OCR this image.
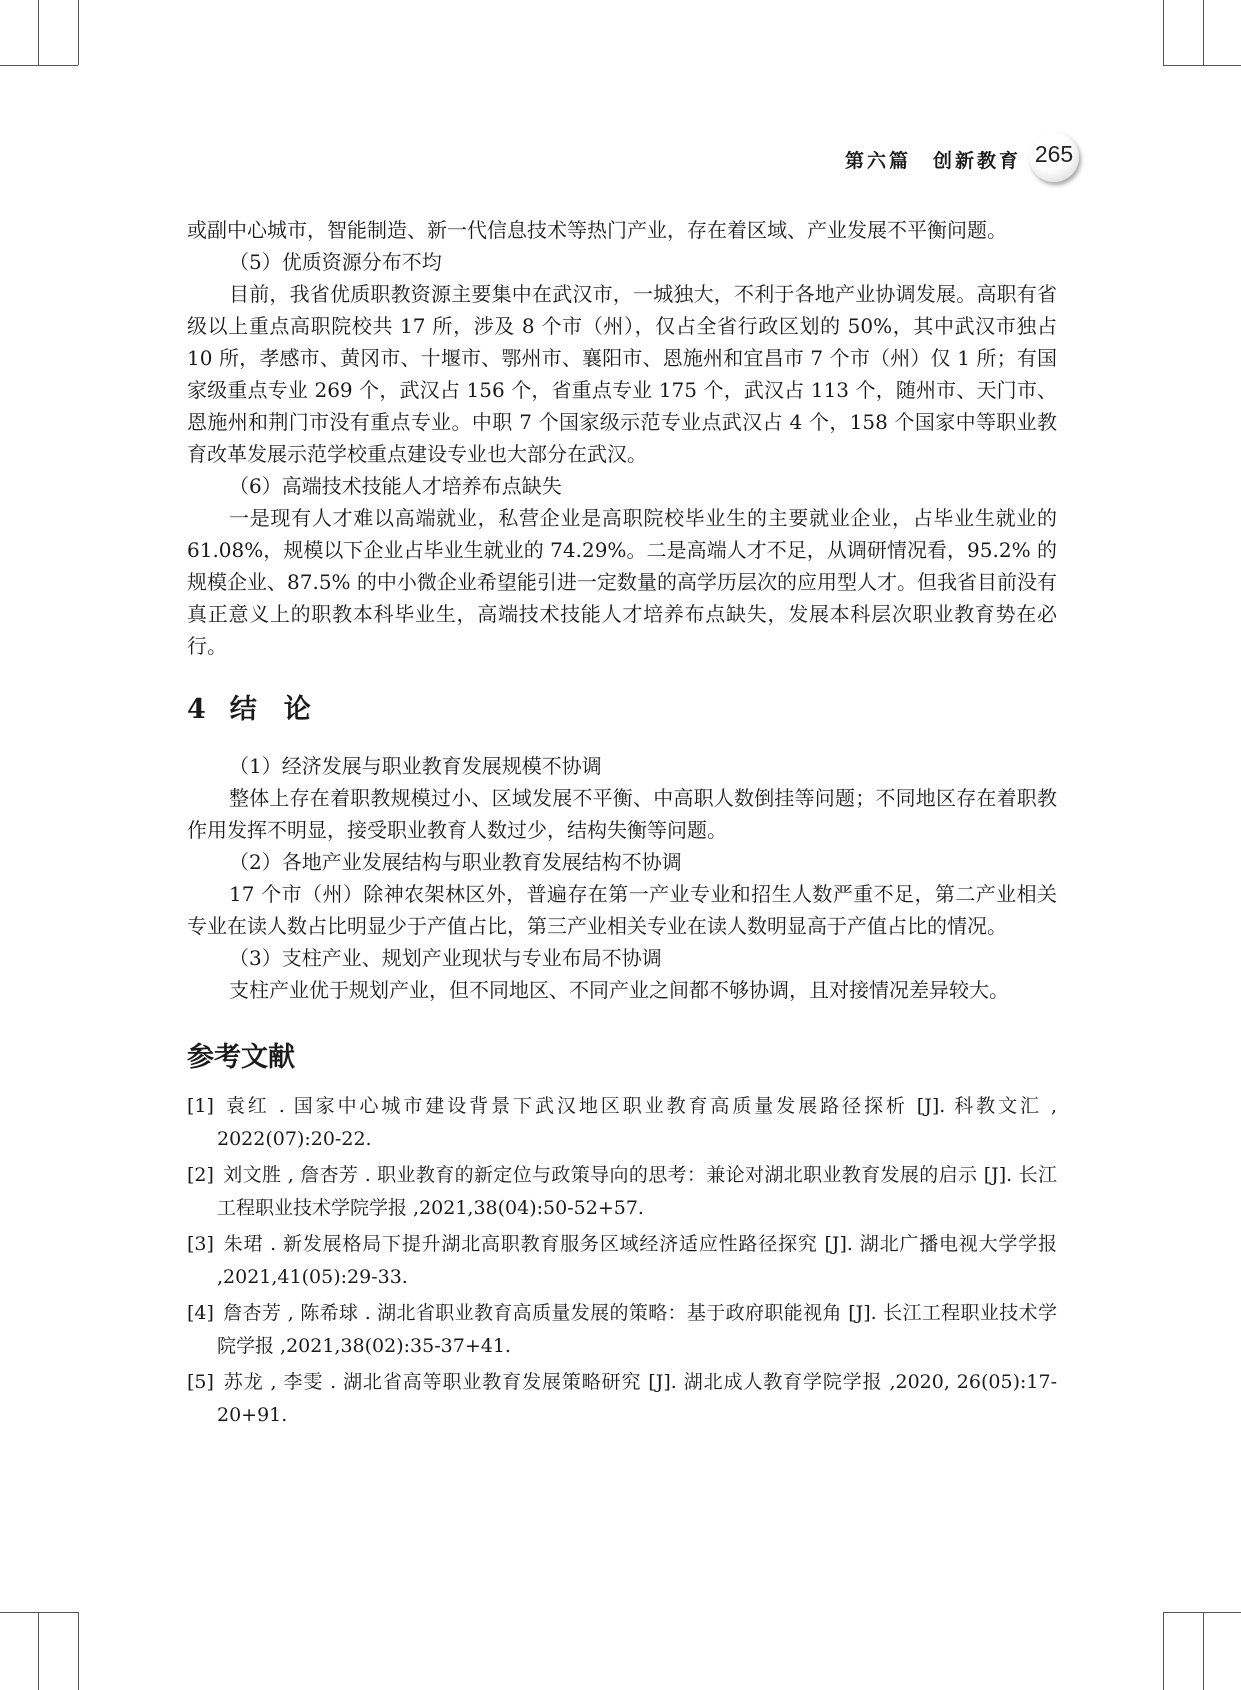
第六篇　创新教育 265

或副中心城市，智能制造、新一代信息技术等热门产业，存在着区域、产业发展不平衡问题。

（5）优质资源分布不均

目前，我省优质职教资源主要集中在武汉市，一城独大，不利于各地产业协调发展。高职有省级以上重点高职院校共 17 所，涉及 8 个市（州），仅占全省行政区划的 50%，其中武汉市独占 10 所，孝感市、黄冈市、十堰市、鄂州市、襄阳市、恩施州和宜昌市 7 个市（州）仅 1 所；有国家级重点专业 269 个，武汉占 156 个，省重点专业 175 个，武汉占 113 个，随州市、天门市、恩施州和荆门市没有重点专业。中职 7 个国家级示范专业点武汉占 4 个，158 个国家中等职业教育改革发展示范学校重点建设专业也大部分在武汉。

（6）高端技术技能人才培养布点缺失

一是现有人才难以高端就业，私营企业是高职院校毕业生的主要就业企业，占毕业生就业的 61.08%，规模以下企业占毕业生就业的 74.29%。二是高端人才不足，从调研情况看，95.2% 的规模企业、87.5% 的中小微企业希望能引进一定数量的高学历层次的应用型人才。但我省目前没有真正意义上的职教本科毕业生，高端技术技能人才培养布点缺失，发展本科层次职业教育势在必行。

4 结　论

（1）经济发展与职业教育发展规模不协调

整体上存在着职教规模过小、区域发展不平衡、中高职人数倒挂等问题；不同地区存在着职教作用发挥不明显，接受职业教育人数过少，结构失衡等问题。

（2）各地产业发展结构与职业教育发展结构不协调

17 个市（州）除神农架林区外，普遍存在第一产业专业和招生人数严重不足，第二产业相关专业在读人数占比明显少于产值占比，第三产业相关专业在读人数明显高于产值占比的情况。

（3）支柱产业、规划产业现状与专业布局不协调

支柱产业优于规划产业，但不同地区、不同产业之间都不够协调，且对接情况差异较大。

参考文献

[1] 袁红 . 国家中心城市建设背景下武汉地区职业教育高质量发展路径探析 [J]. 科教文汇 , 2022(07):20-22.

[2] 刘文胜 , 詹杏芳 . 职业教育的新定位与政策导向的思考：兼论对湖北职业教育发展的启示 [J]. 长江工程职业技术学院学报 ,2021,38(04):50-52+57.

[3] 朱珺 . 新发展格局下提升湖北高职教育服务区域经济适应性路径探究 [J]. 湖北广播电视大学学报 ,2021,41(05):29-33.

[4] 詹杏芳 , 陈希球 . 湖北省职业教育高质量发展的策略：基于政府职能视角 [J]. 长江工程职业技术学院学报 ,2021,38(02):35-37+41.

[5] 苏龙 , 李雯 . 湖北省高等职业教育发展策略研究 [J]. 湖北成人教育学院学报 ,2020, 26(05):17-20+91.
